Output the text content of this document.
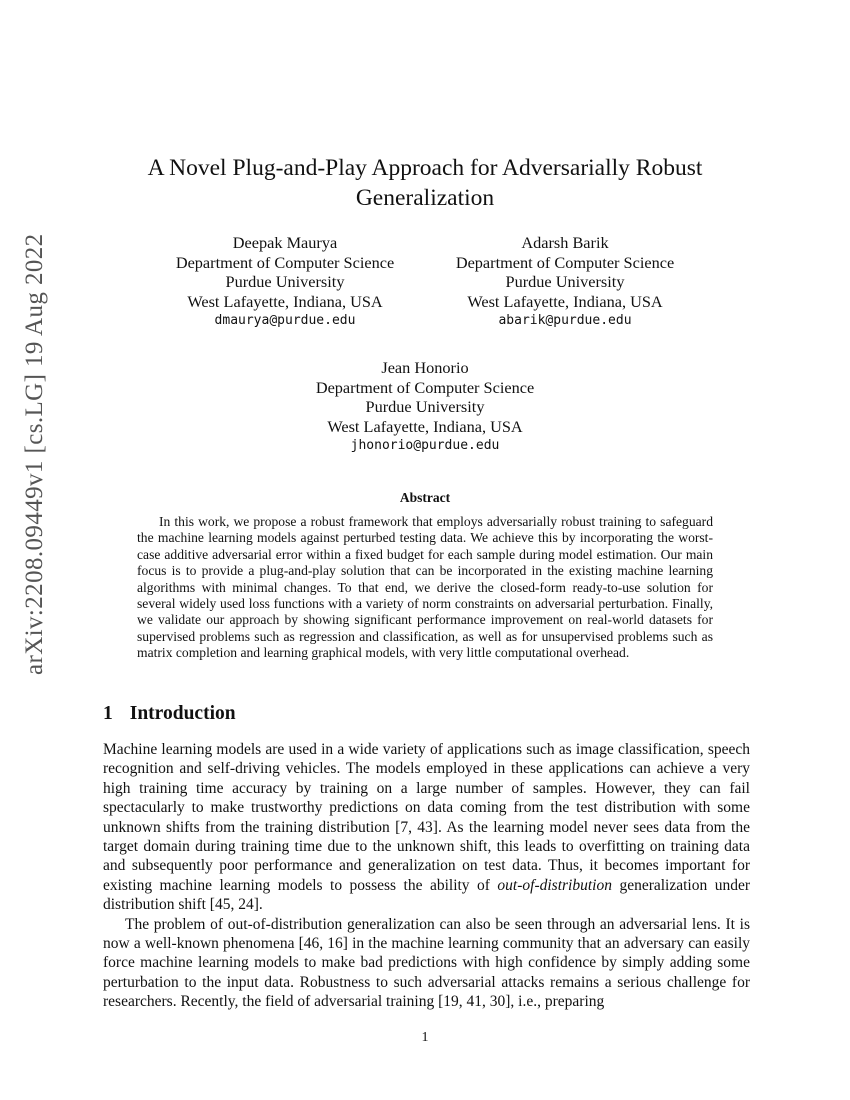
arXiv:2208.09449v1 [cs.LG] 19 Aug 2022
A Novel Plug-and-Play Approach for Adversarially Robust
Generalization
Deepak Maurya
Department of Computer Science
Purdue University
West Lafayette, Indiana, USA
dmaurya@purdue.edu
Adarsh Barik
Department of Computer Science
Purdue University
West Lafayette, Indiana, USA
abarik@purdue.edu
Jean Honorio
Department of Computer Science
Purdue University
West Lafayette, Indiana, USA
jhonorio@purdue.edu
Abstract

In this work, we propose a robust framework that employs adversarially robust training to safeguard the machine learning models against perturbed testing data. We achieve this by incorporating the worst-case additive adversarial error within a fixed budget for each sample during model estimation. Our main focus is to provide a plug-and-play solution that can be incorporated in the existing machine learning algorithms with minimal changes. To that end, we derive the closed-form ready-to-use solution for several widely used loss functions with a variety of norm constraints on adversarial perturbation. Finally, we validate our approach by showing significant performance improvement on real-world datasets for supervised problems such as regression and classification, as well as for unsupervised problems such as matrix completion and learning graphical models, with very little computational overhead.

1 Introduction

Machine learning models are used in a wide variety of applications such as image classification, speech recognition and self-driving vehicles. The models employed in these applications can achieve a very high training time accuracy by training on a large number of samples. However, they can fail spectacularly to make trustworthy predictions on data coming from the test distribution with some unknown shifts from the training distribution [7, 43]. As the learning model never sees data from the target domain during training time due to the unknown shift, this leads to overfitting on training data and subsequently poor performance and generalization on test data. Thus, it becomes important for existing machine learning models to possess the ability of out-of-distribution generalization under distribution shift [45, 24].

The problem of out-of-distribution generalization can also be seen through an adversarial lens. It is now a well-known phenomena [46, 16] in the machine learning community that an adversary can easily force machine learning models to make bad predictions with high confidence by simply adding some perturbation to the input data. Robustness to such adversarial attacks remains a serious challenge for researchers. Recently, the field of adversarial training [19, 41, 30], i.e., preparing

1
